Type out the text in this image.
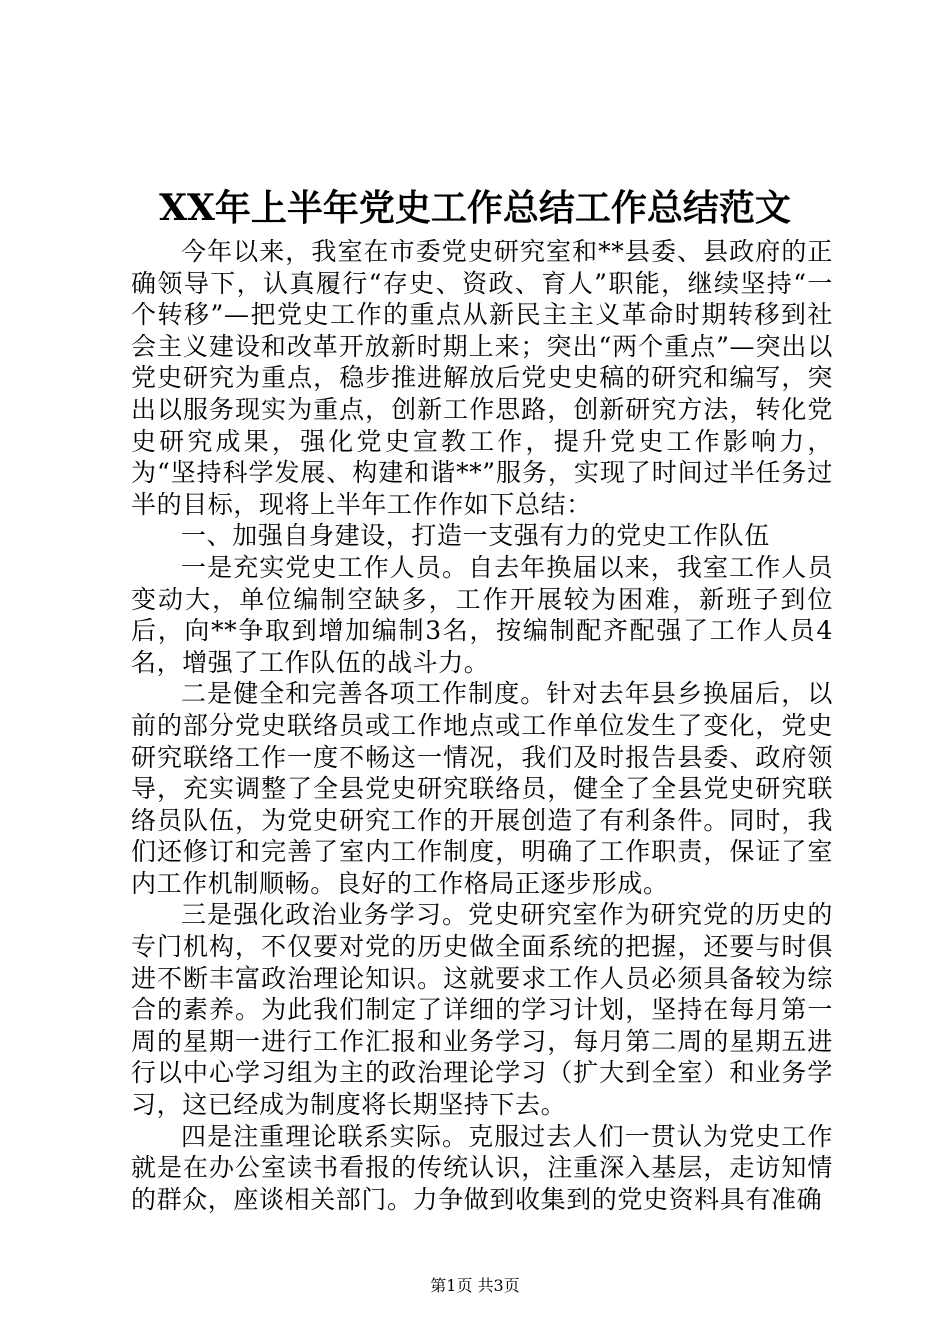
XX年上半年党史工作总结工作总结范文

今年以来，我室在市委党史研究室和**县委、县政府的正确领导下，认真履行“存史、资政、育人”职能，继续坚持“一个转移”—把党史工作的重点从新民主主义革命时期转移到社会主义建设和改革开放新时期上来；突出“两个重点”—突出以党史研究为重点，稳步推进解放后党史史稿的研究和编写，突出以服务现实为重点，创新工作思路，创新研究方法，转化党史研究成果，强化党史宣教工作，提升党史工作影响力，为“坚持科学发展、构建和谐**”服务，实现了时间过半任务过半的目标，现将上半年工作作如下总结：

一、加强自身建设，打造一支强有力的党史工作队伍

一是充实党史工作人员。自去年换届以来，我室工作人员变动大，单位编制空缺多，工作开展较为困难，新班子到位后，向**争取到增加编制3名，按编制配齐配强了工作人员4名，增强了工作队伍的战斗力。

二是健全和完善各项工作制度。针对去年县乡换届后，以前的部分党史联络员或工作地点或工作单位发生了变化，党史研究联络工作一度不畅这一情况，我们及时报告县委、政府领导，充实调整了全县党史研究联络员，健全了全县党史研究联络员队伍，为党史研究工作的开展创造了有利条件。同时，我们还修订和完善了室内工作制度，明确了工作职责，保证了室内工作机制顺畅。良好的工作格局正逐步形成。

三是强化政治业务学习。党史研究室作为研究党的历史的专门机构，不仅要对党的历史做全面系统的把握，还要与时俱进不断丰富政治理论知识。这就要求工作人员必须具备较为综合的素养。为此我们制定了详细的学习计划，坚持在每月第一周的星期一进行工作汇报和业务学习，每月第二周的星期五进行以中心学习组为主的政治理论学习（扩大到全室）和业务学习，这已经成为制度将长期坚持下去。

四是注重理论联系实际。克服过去人们一贯认为党史工作就是在办公室读书看报的传统认识，注重深入基层，走访知情的群众，座谈相关部门。力争做到收集到的党史资料具有准确

第1页 共3页
